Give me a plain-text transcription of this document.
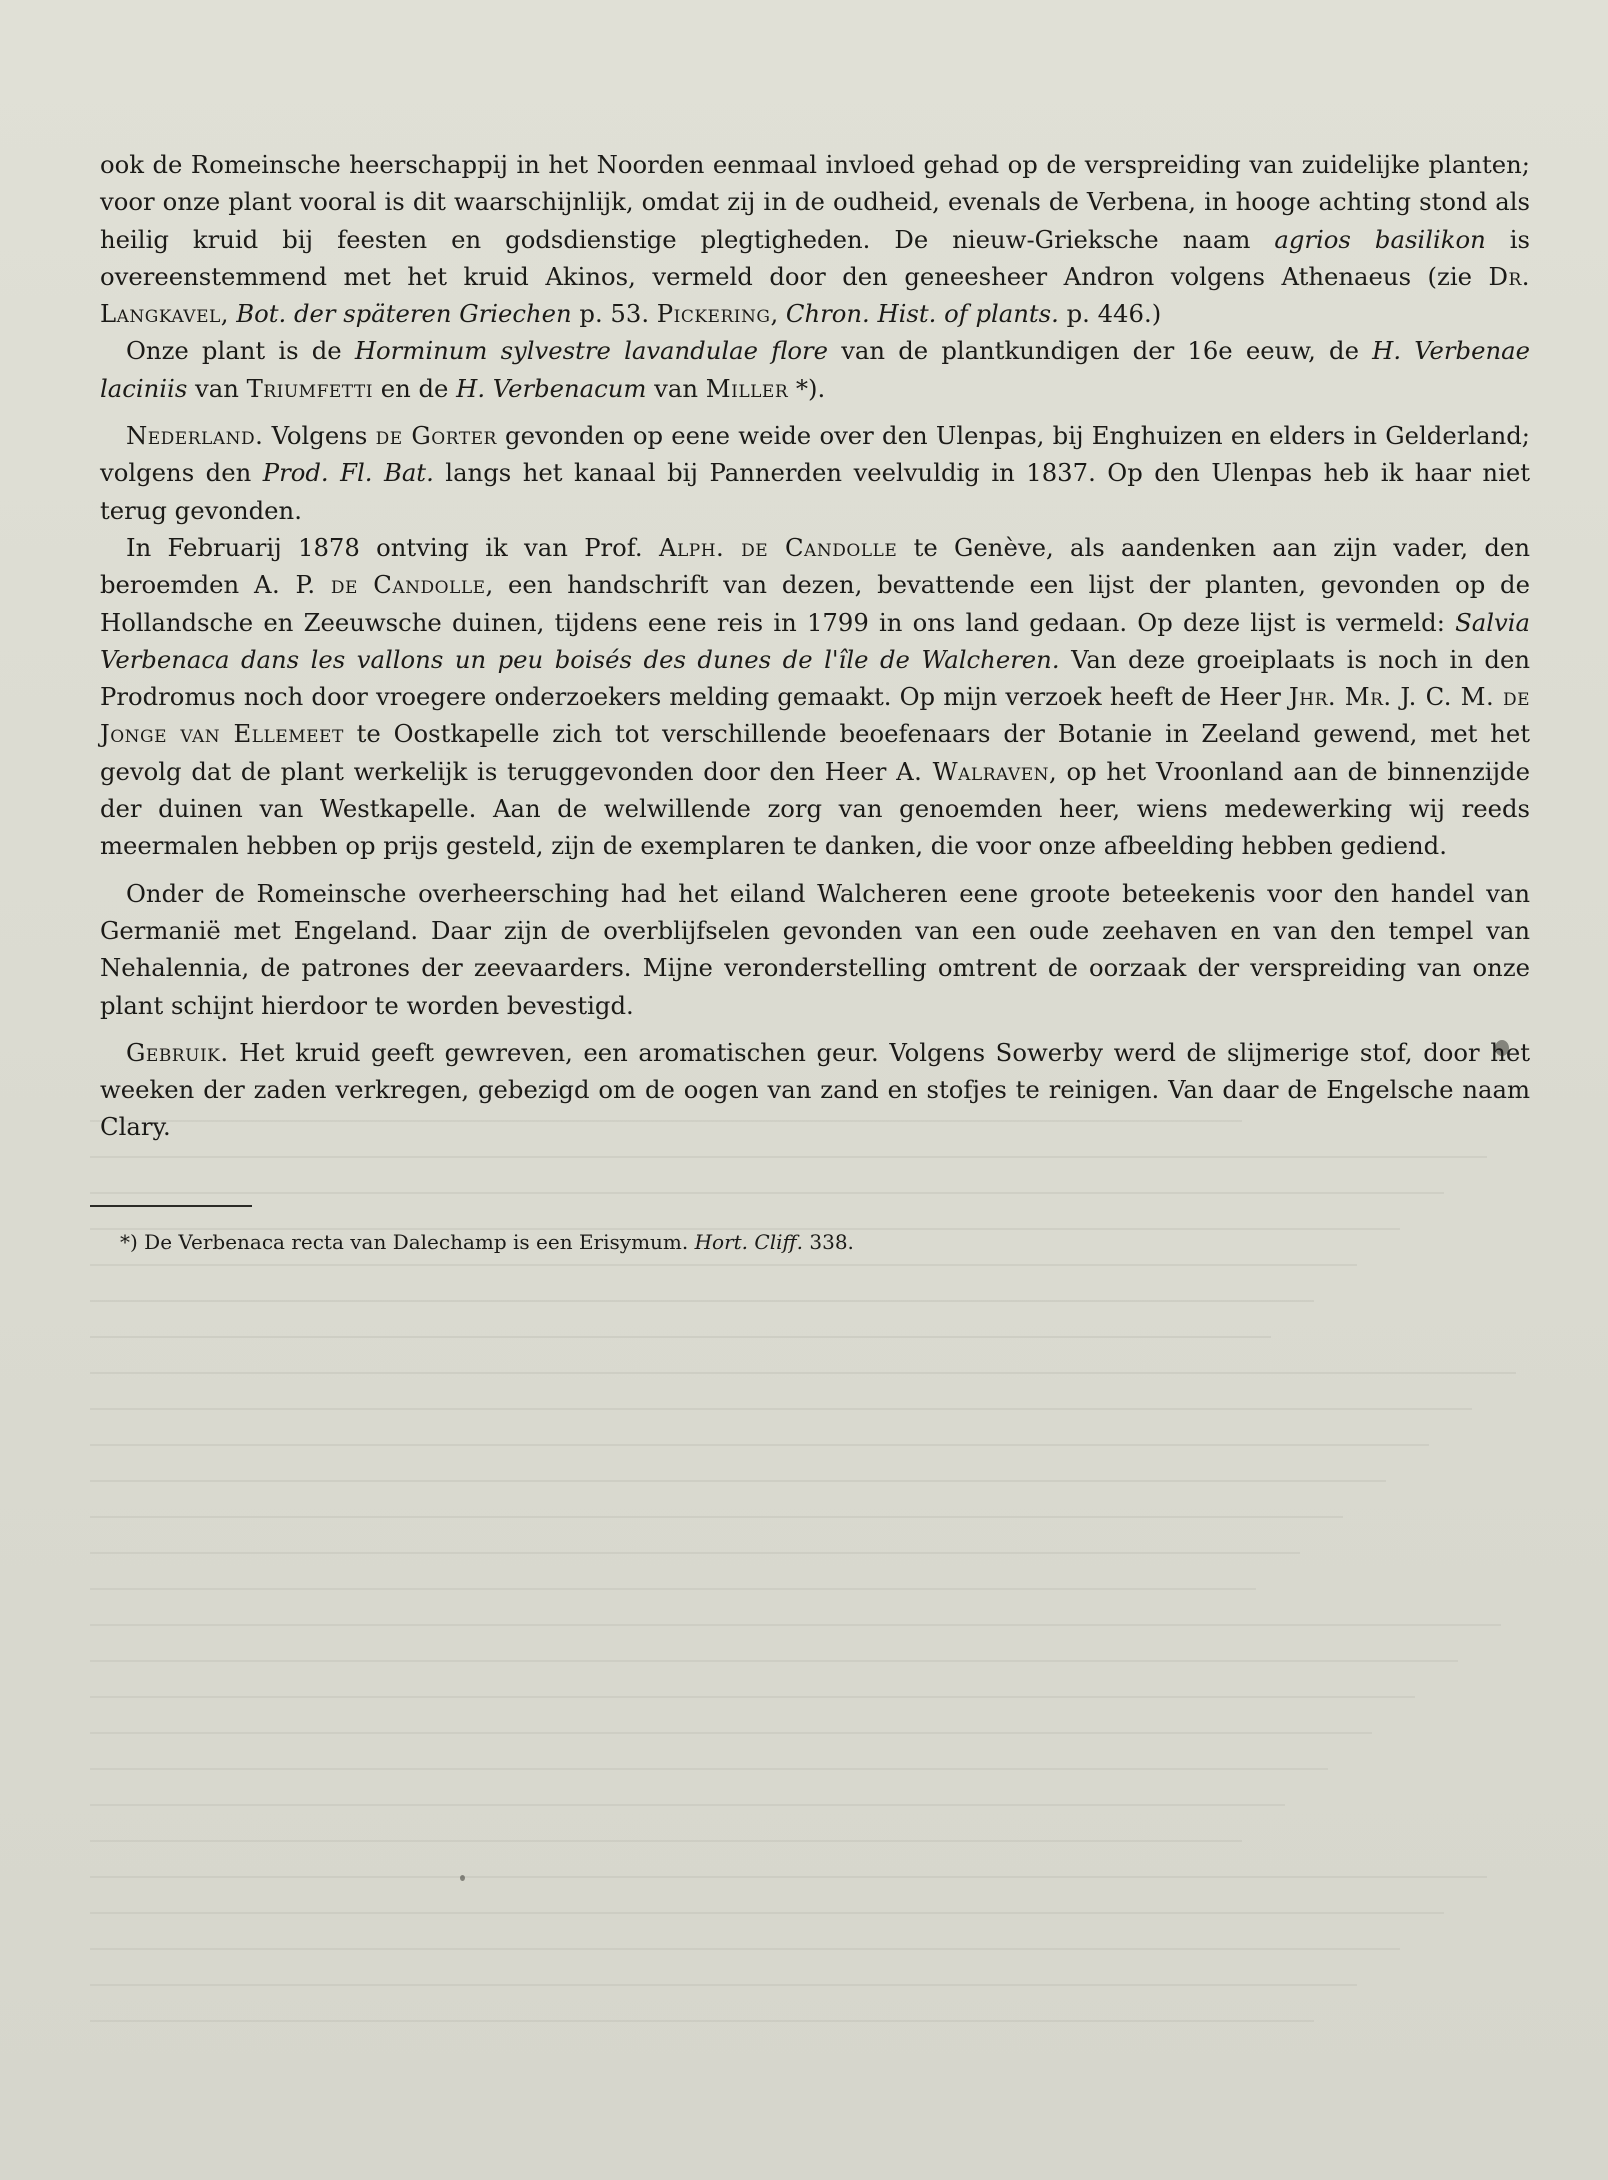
ook de Romeinsche heerschappij in het Noorden eenmaal invloed gehad op de verspreiding van zuidelijke planten; voor onze plant vooral is dit waarschijnlijk, omdat zij in de oudheid, evenals de Verbena, in hooge achting stond als heilig kruid bij feesten en godsdienstige plegtigheden. De nieuw-Grieksche naam agrios basilikon is overeenstemmend met het kruid Akinos, vermeld door den geneesheer Andron volgens Athenaeus (zie Dr. Langkavel, Bot. der späteren Griechen p. 53. Pickering, Chron. Hist. of plants. p. 446.)

Onze plant is de Horminum sylvestre lavandulae flore van de plantkundigen der 16e eeuw, de H. Verbenae laciniis van Triumfetti en de H. Verbenacum van Miller *).

Nederland. Volgens de Gorter gevonden op eene weide over den Ulenpas, bij Enghuizen en elders in Gelderland; volgens den Prod. Fl. Bat. langs het kanaal bij Pannerden veelvuldig in 1837. Op den Ulenpas heb ik haar niet terug gevonden.

In Februarij 1878 ontving ik van Prof. Alph. de Candolle te Genève, als aandenken aan zijn vader, den beroemden A. P. de Candolle, een handschrift van dezen, bevattende een lijst der planten, gevonden op de Hollandsche en Zeeuwsche duinen, tijdens eene reis in 1799 in ons land gedaan. Op deze lijst is vermeld: Salvia Verbenaca dans les vallons un peu boisés des dunes de l'île de Walcheren. Van deze groeiplaats is noch in den Prodromus noch door vroegere onderzoekers melding gemaakt. Op mijn verzoek heeft de Heer Jhr. Mr. J. C. M. de Jonge van Ellemeet te Oostkapelle zich tot verschillende beoefenaars der Botanie in Zeeland gewend, met het gevolg dat de plant werkelijk is teruggevonden door den Heer A. Walraven, op het Vroonland aan de binnenzijde der duinen van Westkapelle. Aan de welwillende zorg van genoemden heer, wiens medewerking wij reeds meermalen hebben op prijs gesteld, zijn de exemplaren te danken, die voor onze afbeelding hebben gediend.

Onder de Romeinsche overheersching had het eiland Walcheren eene groote beteekenis voor den handel van Germanië met Engeland. Daar zijn de overblijfselen gevonden van een oude zeehaven en van den tempel van Nehalennia, de patrones der zeevaarders. Mijne veronderstelling omtrent de oorzaak der verspreiding van onze plant schijnt hierdoor te worden bevestigd.

Gebruik. Het kruid geeft gewreven, een aromatischen geur. Volgens Sowerby werd de slijmerige stof, door het weeken der zaden verkregen, gebezigd om de oogen van zand en stofjes te reinigen. Van daar de Engelsche naam Clary.

*) De Verbenaca recta van Dalechamp is een Erisymum. Hort. Cliff. 338.
